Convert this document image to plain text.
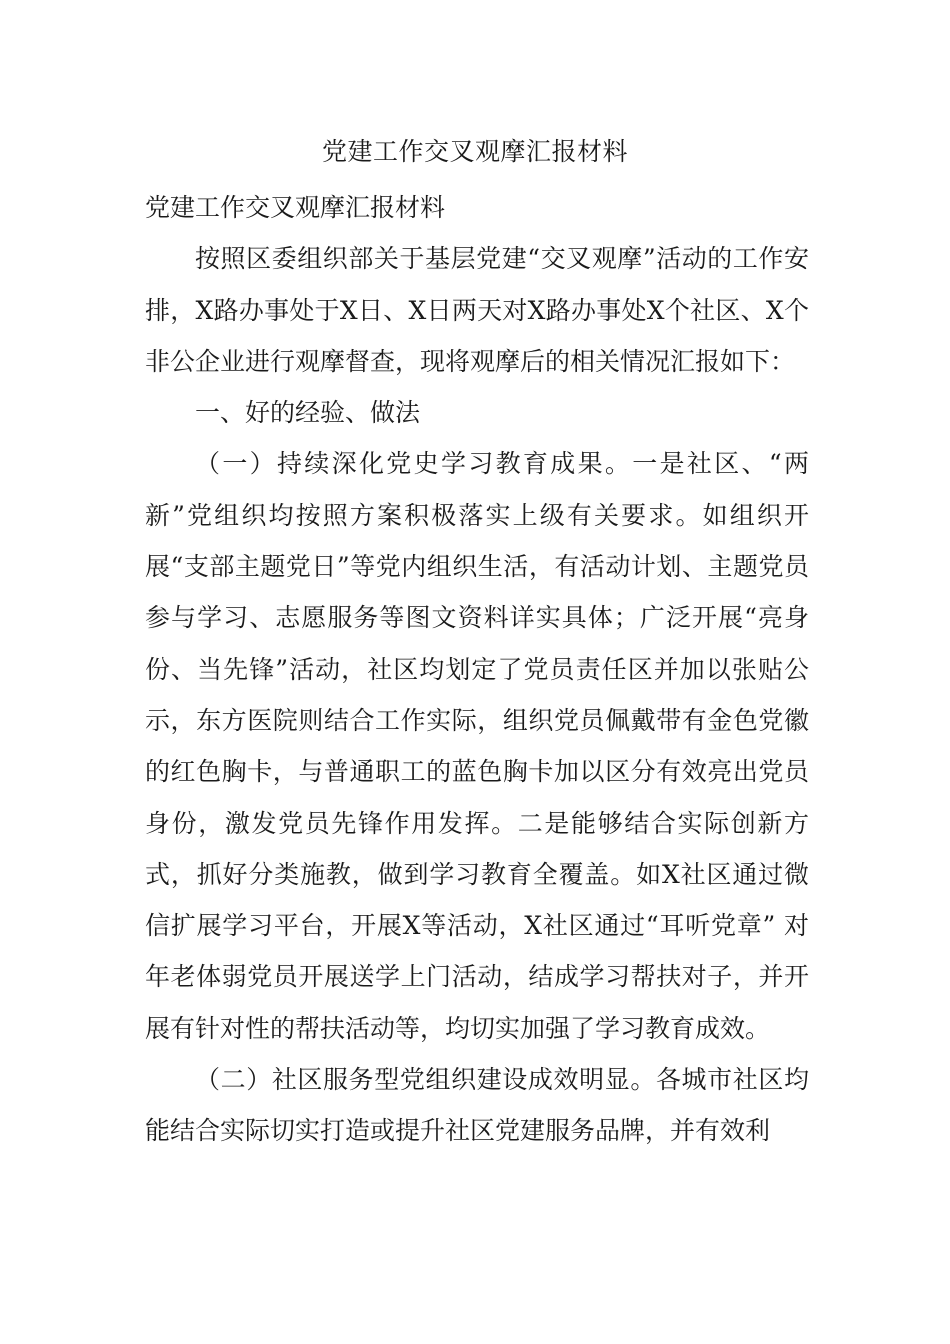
党建工作交叉观摩汇报材料

党建工作交叉观摩汇报材料

按照区委组织部关于基层党建“交叉观摩”活动的工作安排，X路办事处于X日、X日两天对X路办事处X个社区、X个非公企业进行观摩督查，现将观摩后的相关情况汇报如下：

一、好的经验、做法

（一）持续深化党史学习教育成果。一是社区、“两新”党组织均按照方案积极落实上级有关要求。如组织开展“支部主题党日”等党内组织生活，有活动计划、主题党员参与学习、志愿服务等图文资料详实具体；广泛开展“亮身份、当先锋”活动，社区均划定了党员责任区并加以张贴公示，东方医院则结合工作实际，组织党员佩戴带有金色党徽的红色胸卡，与普通职工的蓝色胸卡加以区分有效亮出党员身份，激发党员先锋作用发挥。二是能够结合实际创新方式，抓好分类施教，做到学习教育全覆盖。如X社区通过微信扩展学习平台，开展X等活动，X社区通过“耳听党章” 对年老体弱党员开展送学上门活动，结成学习帮扶对子，并开展有针对性的帮扶活动等，均切实加强了学习教育成效。

（二）社区服务型党组织建设成效明显。各城市社区均能结合实际切实打造或提升社区党建服务品牌，并有效利
